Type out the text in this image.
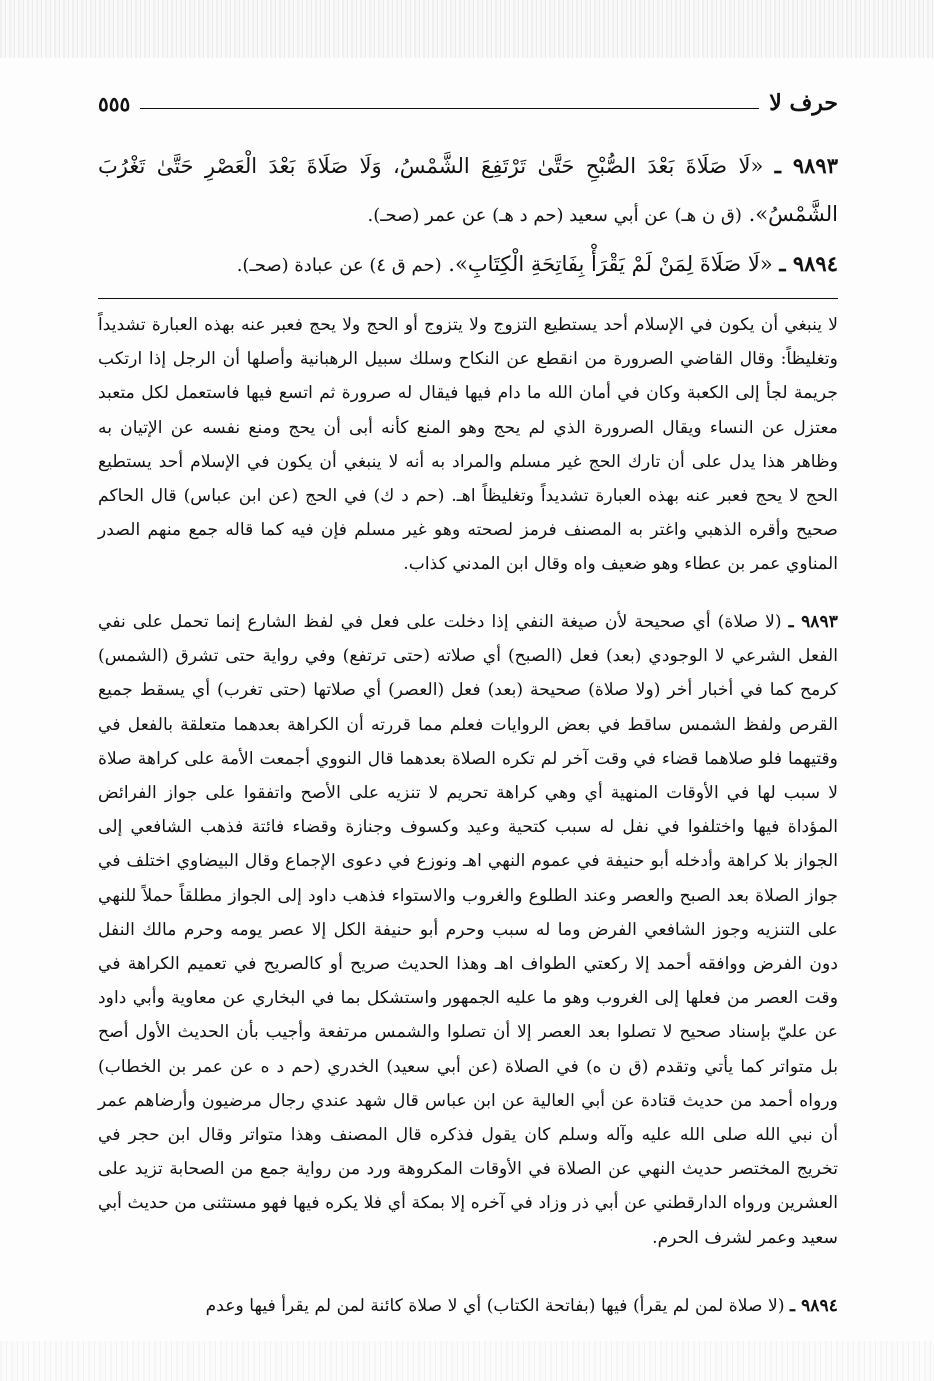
حرف لا
٥٥٥
٩٨٩٣ ـ «لَا صَلَاةَ بَعْدَ الصُّبْحِ حَتَّىٰ تَرْتَفِعَ الشَّمْسُ، وَلَا صَلَاةَ بَعْدَ الْعَصْرِ حَتَّىٰ تَغْرُبَ الشَّمْسُ». (ق ن هـ) عن أبي سعيد (حم د هـ) عن عمر (صحـ).
٩٨٩٤ ـ «لَا صَلَاةَ لِمَنْ لَمْ يَقْرَأْ بِفَاتِحَةِ الْكِتَابِ». (حم ق ٤) عن عبادة (صحـ).
لا ينبغي أن يكون في الإسلام أحد يستطيع التزوج ولا يتزوج أو الحج ولا يحج فعبر عنه بهذه العبارة تشديداً وتغليظاً: وقال القاضي الصرورة من انقطع عن النكاح وسلك سبيل الرهبانية وأصلها أن الرجل إذا ارتكب جريمة لجأ إلى الكعبة وكان في أمان الله ما دام فيها فيقال له صرورة ثم اتسع فيها فاستعمل لكل متعبد معتزل عن النساء ويقال الصرورة الذي لم يحج وهو المنع كأنه أبى أن يحج ومنع نفسه عن الإتيان به وظاهر هذا يدل على أن تارك الحج غير مسلم والمراد به أنه لا ينبغي أن يكون في الإسلام أحد يستطيع الحج لا يحج فعبر عنه بهذه العبارة تشديداً وتغليظاً اهـ. (حم د ك) في الحج (عن ابن عباس) قال الحاكم صحيح وأقره الذهبي واغتر به المصنف فرمز لصحته وهو غير مسلم فإن فيه كما قاله جمع منهم الصدر المناوي عمر بن عطاء وهو ضعيف واه وقال ابن المدني كذاب.
٩٨٩٣ ـ (لا صلاة) أي صحيحة لأن صيغة النفي إذا دخلت على فعل في لفظ الشارع إنما تحمل على نفي الفعل الشرعي لا الوجودي (بعد) فعل (الصبح) أي صلاته (حتى ترتفع) وفي رواية حتى تشرق (الشمس) كرمح كما في أخبار أخر (ولا صلاة) صحيحة (بعد) فعل (العصر) أي صلاتها (حتى تغرب) أي يسقط جميع القرص ولفظ الشمس ساقط في بعض الروايات فعلم مما قررته أن الكراهة بعدهما متعلقة بالفعل في وقتيهما فلو صلاهما قضاء في وقت آخر لم تكره الصلاة بعدهما قال النووي أجمعت الأمة على كراهة صلاة لا سبب لها في الأوقات المنهية أي وهي كراهة تحريم لا تنزيه على الأصح واتفقوا على جواز الفرائض المؤداة فيها واختلفوا في نفل له سبب كتحية وعيد وكسوف وجنازة وقضاء فائتة فذهب الشافعي إلى الجواز بلا كراهة وأدخله أبو حنيفة في عموم النهي اهـ ونوزع في دعوى الإجماع وقال البيضاوي اختلف في جواز الصلاة بعد الصبح والعصر وعند الطلوع والغروب والاستواء فذهب داود إلى الجواز مطلقاً حملاً للنهي على التنزيه وجوز الشافعي الفرض وما له سبب وحرم أبو حنيفة الكل إلا عصر يومه وحرم مالك النفل دون الفرض ووافقه أحمد إلا ركعتي الطواف اهـ وهذا الحديث صريح أو كالصريح في تعميم الكراهة في وقت العصر من فعلها إلى الغروب وهو ما عليه الجمهور واستشكل بما في البخاري عن معاوية وأبي داود عن عليّ بإسناد صحيح لا تصلوا بعد العصر إلا أن تصلوا والشمس مرتفعة وأجيب بأن الحديث الأول أصح بل متواتر كما يأتي وتقدم (ق ن ه) في الصلاة (عن أبي سعيد) الخدري (حم د ه عن عمر بن الخطاب) ورواه أحمد من حديث قتادة عن أبي العالية عن ابن عباس قال شهد عندي رجال مرضيون وأرضاهم عمر أن نبي الله صلى الله عليه وآله وسلم كان يقول فذكره قال المصنف وهذا متواتر وقال ابن حجر في تخريج المختصر حديث النهي عن الصلاة في الأوقات المكروهة ورد من رواية جمع من الصحابة تزيد على العشرين ورواه الدارقطني عن أبي ذر وزاد في آخره إلا بمكة أي فلا يكره فيها فهو مستثنى من حديث أبي سعيد وعمر لشرف الحرم.
٩٨٩٤ ـ (لا صلاة لمن لم يقرأ) فيها (بفاتحة الكتاب) أي لا صلاة كائنة لمن لم يقرأ فيها وعدم
